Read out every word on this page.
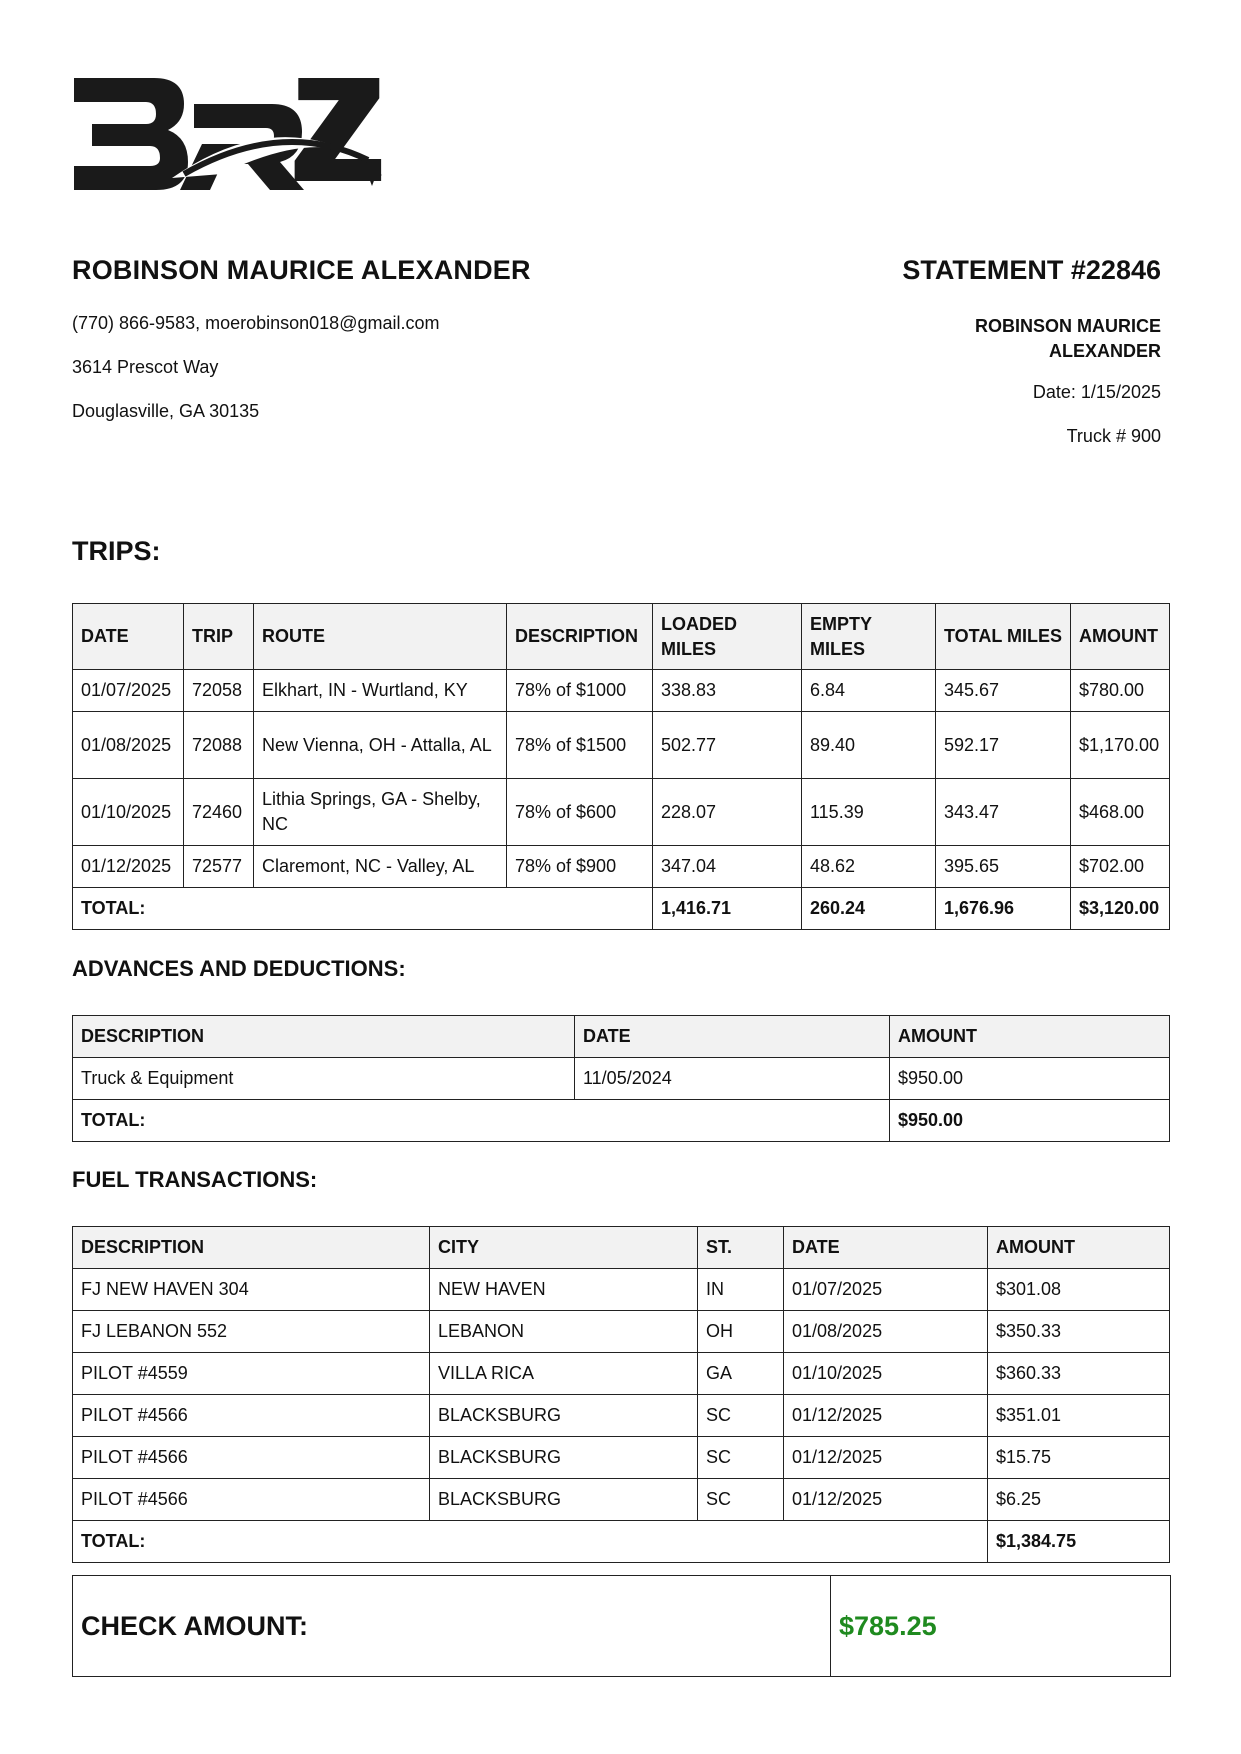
ROBINSON MAURICE ALEXANDER
(770) 866-9583, moerobinson018@gmail.com
3614 Prescot Way
Douglasville, GA 30135
STATEMENT #22846
ROBINSON MAURICE ALEXANDER
Date: 1/15/2025
Truck # 900
TRIPS:
DATE	TRIP	ROUTE	DESCRIPTION	LOADED MILES	EMPTY MILES	TOTAL MILES	AMOUNT
01/07/2025	72058	Elkhart, IN - Wurtland, KY	78% of $1000	338.83	6.84	345.67	$780.00
01/08/2025	72088	New Vienna, OH - Attalla, AL	78% of $1500	502.77	89.40	592.17	$1,170.00
01/10/2025	72460	Lithia Springs, GA - Shelby, NC	78% of $600	228.07	115.39	343.47	$468.00
01/12/2025	72577	Claremont, NC - Valley, AL	78% of $900	347.04	48.62	395.65	$702.00
TOTAL:				1,416.71	260.24	1,676.96	$3,120.00
ADVANCES AND DEDUCTIONS:
DESCRIPTION	DATE	AMOUNT
Truck & Equipment	11/05/2024	$950.00
TOTAL:		$950.00
FUEL TRANSACTIONS:
DESCRIPTION	CITY	ST.	DATE	AMOUNT
FJ NEW HAVEN 304	NEW HAVEN	IN	01/07/2025	$301.08
FJ LEBANON 552	LEBANON	OH	01/08/2025	$350.33
PILOT #4559	VILLA RICA	GA	01/10/2025	$360.33
PILOT #4566	BLACKSBURG	SC	01/12/2025	$351.01
PILOT #4566	BLACKSBURG	SC	01/12/2025	$15.75
PILOT #4566	BLACKSBURG	SC	01/12/2025	$6.25
TOTAL:				$1,384.75
CHECK AMOUNT:	$785.25
